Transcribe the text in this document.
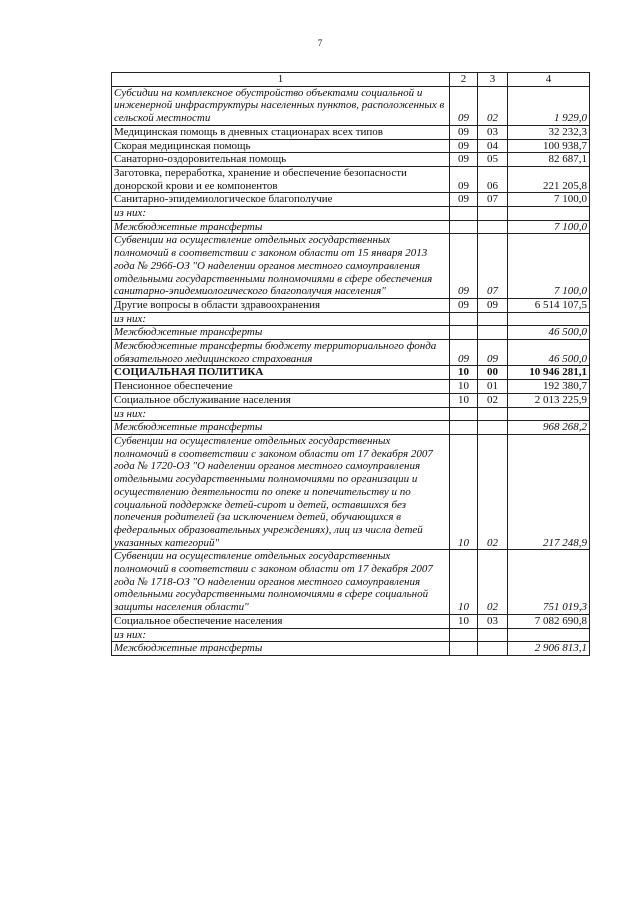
7
1	2	3	4
Субсидии на комплексное обустройство объектами социальной и инженерной инфраструктуры населенных пунктов, расположенных в сельской местности	09	02	1 929,0
Медицинская помощь в дневных стационарах всех типов	09	03	32 232,3
Скорая медицинская помощь	09	04	100 938,7
Санаторно-оздоровительная помощь	09	05	82 687,1
Заготовка, переработка, хранение и обеспечение безопасности донорской крови и ее компонентов	09	06	221 205,8
Санитарно-эпидемиологическое благополучие	09	07	7 100,0
из них:			
Межбюджетные трансферты			7 100,0
Субвенции на осуществление отдельных государственных полномочий в соответствии с законом области от 15 января 2013 года № 2966-ОЗ "О наделении органов местного самоуправления отдельными государственными полномочиями в сфере обеспечения санитарно-эпидемиологического благополучия населения"	09	07	7 100,0
Другие вопросы в области здравоохранения	09	09	6 514 107,5
из них:			
Межбюджетные трансферты			46 500,0
Межбюджетные трансферты бюджету территориального фонда обязательного медицинского страхования	09	09	46 500,0
СОЦИАЛЬНАЯ ПОЛИТИКА	10	00	10 946 281,1
Пенсионное обеспечение	10	01	192 380,7
Социальное обслуживание населения	10	02	2 013 225,9
из них:			
Межбюджетные трансферты			968 268,2
Субвенции на осуществление отдельных государственных полномочий в соответствии с законом области от 17 декабря 2007 года № 1720-ОЗ "О наделении органов местного самоуправления отдельными государственными полномочиями по организации и осуществлению деятельности по опеке и попечительству и по социальной поддержке детей-сирот и детей, оставшихся без попечения родителей (за исключением детей, обучающихся в федеральных образовательных учреждениях), лиц из числа детей указанных категорий"	10	02	217 248,9
Субвенции на осуществление отдельных государственных полномочий в соответствии с законом области от 17 декабря 2007 года № 1718-ОЗ "О наделении органов местного самоуправления отдельными государственными полномочиями в сфере социальной защиты населения области"	10	02	751 019,3
Социальное обеспечение населения	10	03	7 082 690,8
из них:			
Межбюджетные трансферты			2 906 813,1
